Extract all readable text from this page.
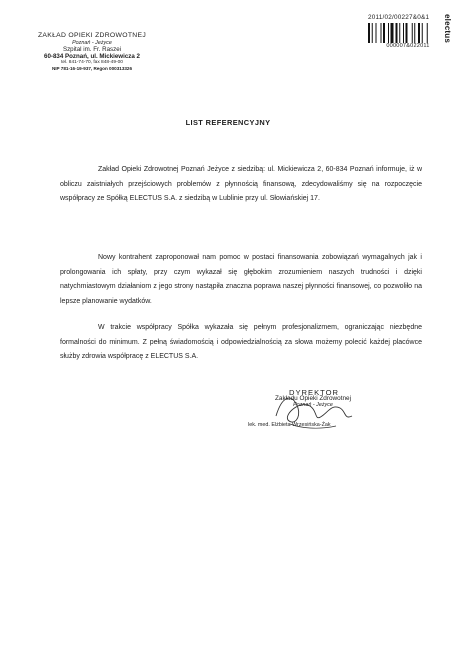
ZAKŁAD OPIEKI ZDROWOTNEJ
Poznań - Jeżyce
Szpital im. Fr. Raszei
60-834 Poznań, ul. Mickiewicza 2
tel. 841-74-70, fax 848-49-00
NIP 781-16-19-937, Regon 000313326
2011/02/00227&0&1
000007&022011
electus
LIST REFERENCYJNY

Zakład Opieki Zdrowotnej Poznań Jeżyce z siedzibą: ul. Mickiewicza 2, 60-834 Poznań informuje, iż w obliczu zaistniałych przejściowych problemów z płynnością finansową, zdecydowaliśmy się na rozpoczęcie współpracy ze Spółką ELECTUS S.A. z siedzibą w Lublinie przy ul. Słowiańskiej 17.

Nowy kontrahent zaproponował nam pomoc w postaci finansowania zobowiązań wymagalnych jak i prolongowania ich spłaty, przy czym wykazał się głębokim zrozumieniem naszych trudności i dzięki natychmiastowym działaniom z jego strony nastąpiła znaczna poprawa naszej płynności finansowej, co pozwoliło na lepsze planowanie wydatków.

W trakcie współpracy Spółka wykazała się pełnym profesjonalizmem, ograniczając niezbędne formalności do minimum. Z pełną świadomością i odpowiedzialnością za słowa możemy polecić każdej placówce służby zdrowia współpracę z ELECTUS S.A.

DYREKTOR
Zakładu Opieki Zdrowotnej
Poznań - Jeżyce
lek. med. Elżbieta Wrzesińska-Żak
